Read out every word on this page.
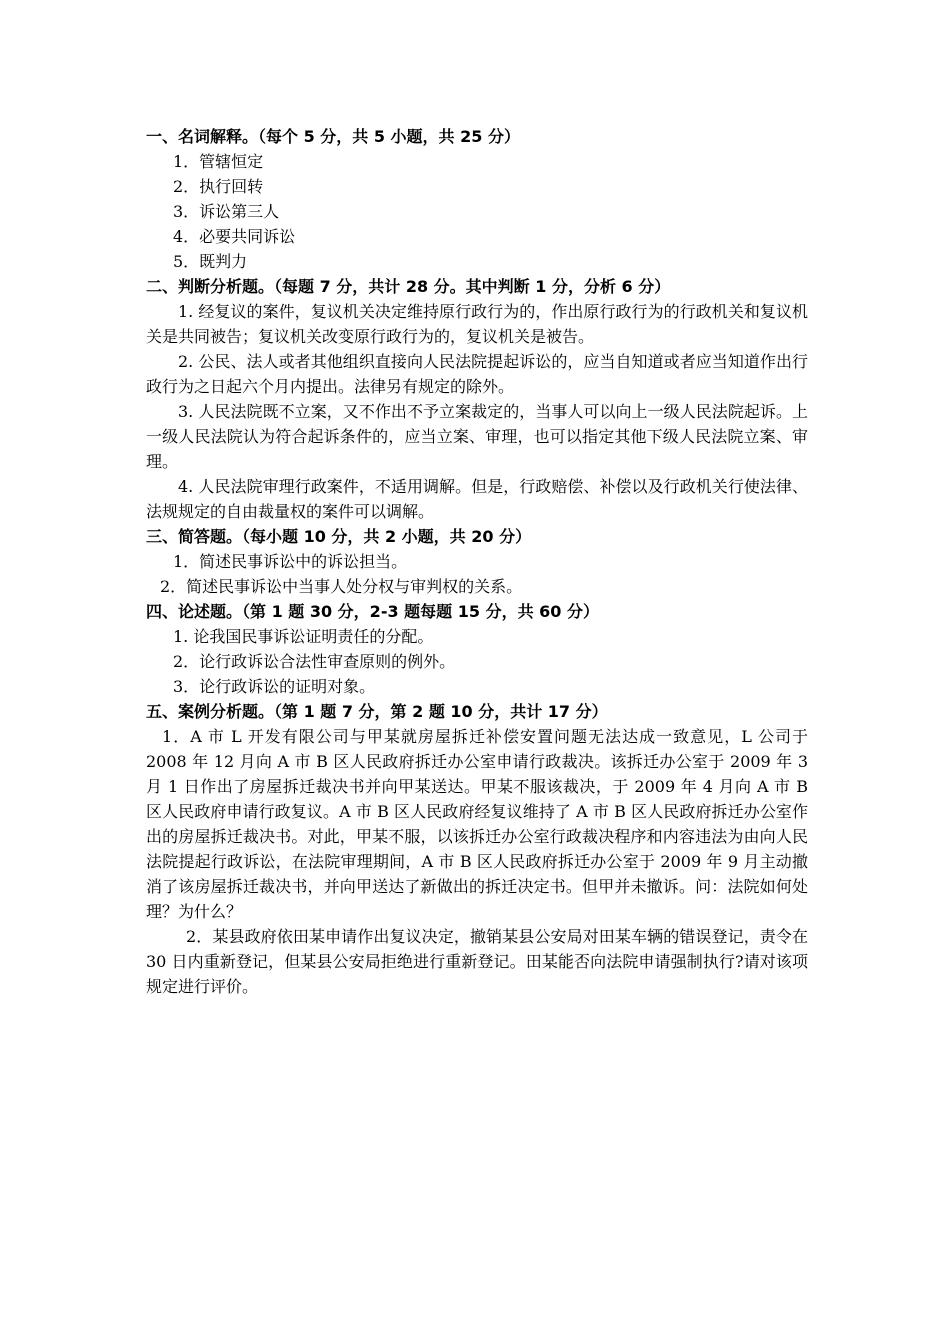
一、名词解释。（每个 5 分，共 5 小题，共 25 分）
1．管辖恒定
2．执行回转
3．诉讼第三人
4．必要共同诉讼
5．既判力
二、判断分析题。（每题 7 分，共计 28 分。其中判断 1 分，分析 6 分）

1. 经复议的案件，复议机关决定维持原行政行为的，作出原行政行为的行政机关和复议机关是共同被告；复议机关改变原行政行为的，复议机关是被告。

2. 公民、法人或者其他组织直接向人民法院提起诉讼的，应当自知道或者应当知道作出行政行为之日起六个月内提出。法律另有规定的除外。

3. 人民法院既不立案，又不作出不予立案裁定的，当事人可以向上一级人民法院起诉。上一级人民法院认为符合起诉条件的，应当立案、审理，也可以指定其他下级人民法院立案、审理。

4. 人民法院审理行政案件，不适用调解。但是，行政赔偿、补偿以及行政机关行使法律、法规规定的自由裁量权的案件可以调解。

三、简答题。（每小题 10 分，共 2 小题，共 20 分）
1．简述民事诉讼中的诉讼担当。
2．简述民事诉讼中当事人处分权与审判权的关系。
四、论述题。（第 1 题 30 分，2-3 题每题 15 分，共 60 分）
1. 论我国民事诉讼证明责任的分配。
2．论行政诉讼合法性审查原则的例外。
3．论行政诉讼的证明对象。
五、案例分析题。（第 1 题 7 分，第 2 题 10 分，共计 17 分）

1．A 市 L 开发有限公司与甲某就房屋拆迁补偿安置问题无法达成一致意见，L 公司于 2008 年 12 月向 A 市 B 区人民政府拆迁办公室申请行政裁决。该拆迁办公室于 2009 年 3 月 1 日作出了房屋拆迁裁决书并向甲某送达。甲某不服该裁决，于 2009 年 4 月向 A 市 B 区人民政府申请行政复议。A 市 B 区人民政府经复议维持了 A 市 B 区人民政府拆迁办公室作出的房屋拆迁裁决书。对此，甲某不服，以该拆迁办公室行政裁决程序和内容违法为由向人民法院提起行政诉讼，在法院审理期间，A 市 B 区人民政府拆迁办公室于 2009 年 9 月主动撤消了该房屋拆迁裁决书，并向甲送达了新做出的拆迁决定书。但甲并未撤诉。问：法院如何处理？为什么？

2．某县政府依田某申请作出复议决定，撤销某县公安局对田某车辆的错误登记，责令在 30 日内重新登记，但某县公安局拒绝进行重新登记。田某能否向法院申请强制执行?请对该项规定进行评价。
